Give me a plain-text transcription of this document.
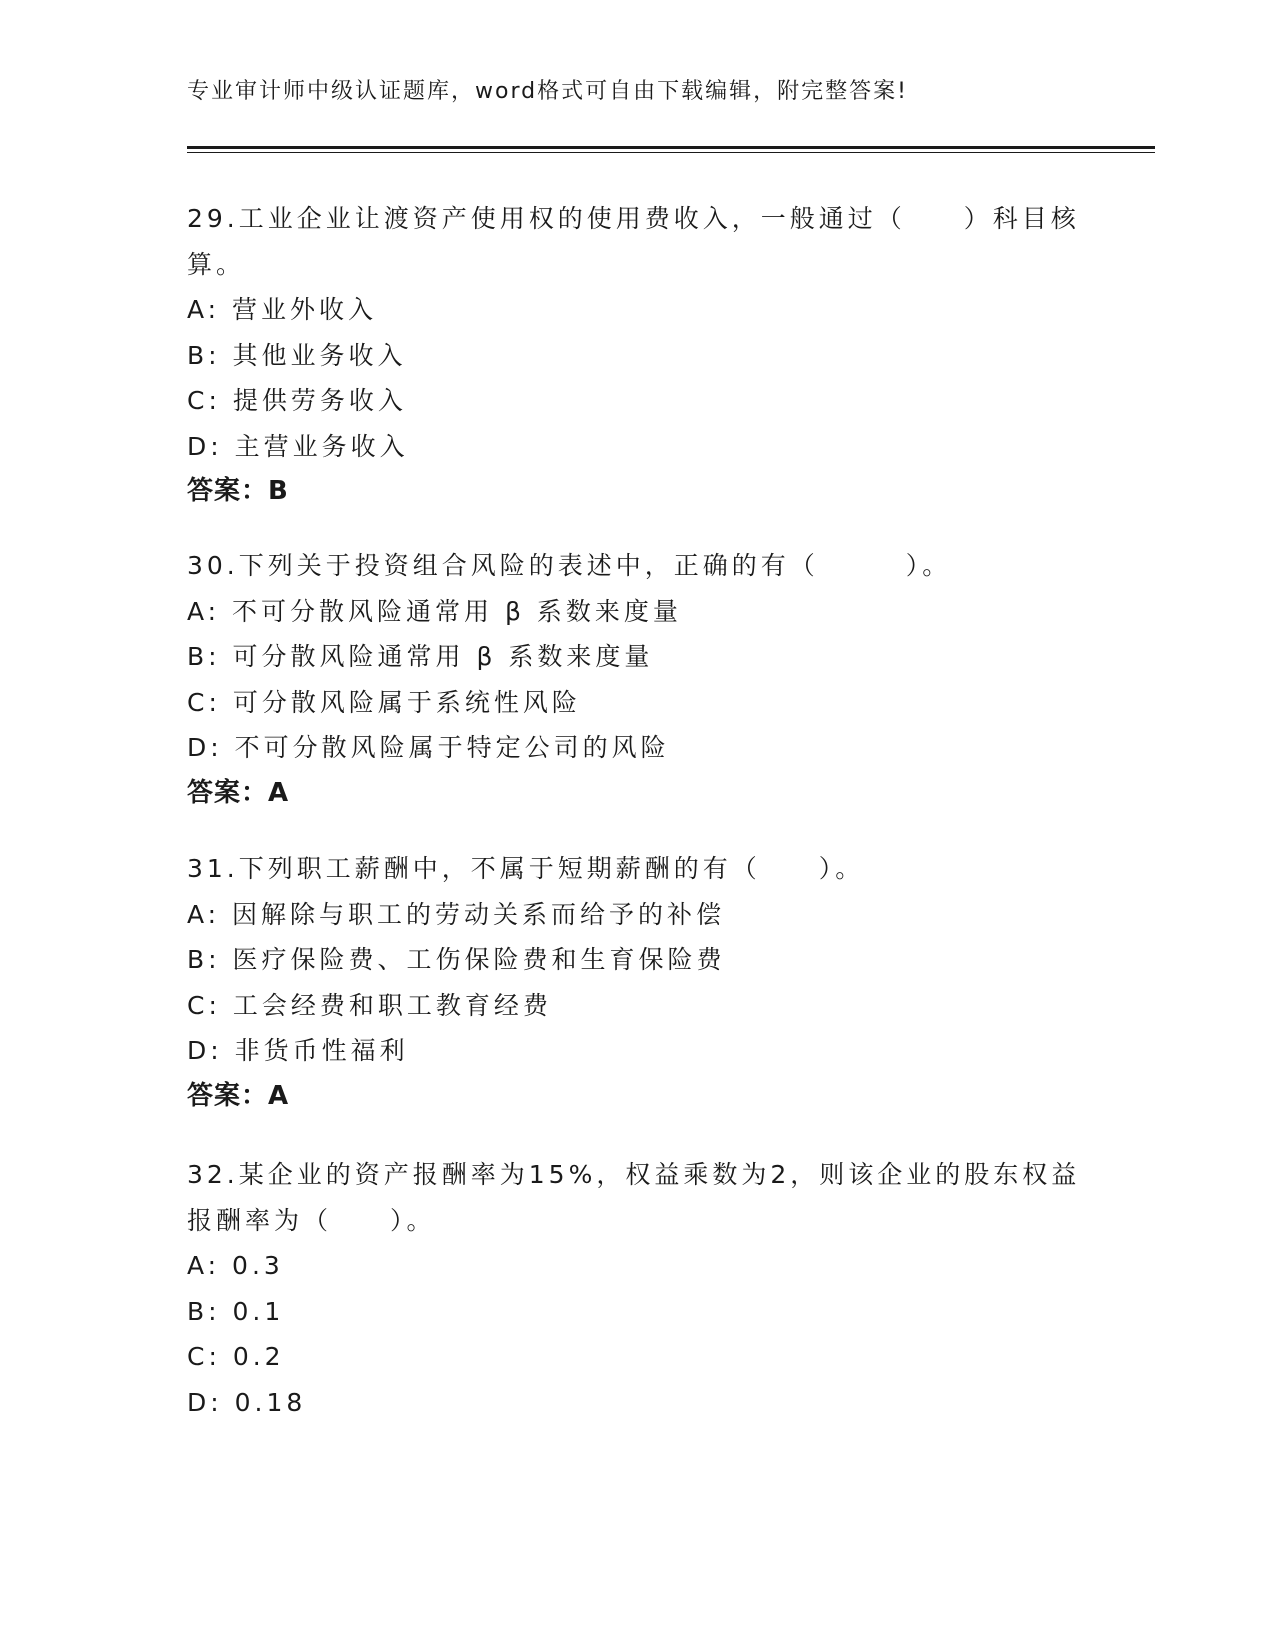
专业审计师中级认证题库，word格式可自由下载编辑，附完整答案!
29.工业企业让渡资产使用权的使用费收入，一般通过（　　）科目核
算。
A: 营业外收入
B: 其他业务收入
C: 提供劳务收入
D: 主营业务收入
答案：B
30.下列关于投资组合风险的表述中，正确的有（　　　）。
A: 不可分散风险通常用 β 系数来度量
B: 可分散风险通常用 β 系数来度量
C: 可分散风险属于系统性风险
D: 不可分散风险属于特定公司的风险
答案：A
31.下列职工薪酬中，不属于短期薪酬的有（　　）。
A: 因解除与职工的劳动关系而给予的补偿
B: 医疗保险费、工伤保险费和生育保险费
C: 工会经费和职工教育经费
D: 非货币性福利
答案：A
32.某企业的资产报酬率为15%，权益乘数为2，则该企业的股东权益
报酬率为（　　）。
A: 0.3
B: 0.1
C: 0.2
D: 0.18
